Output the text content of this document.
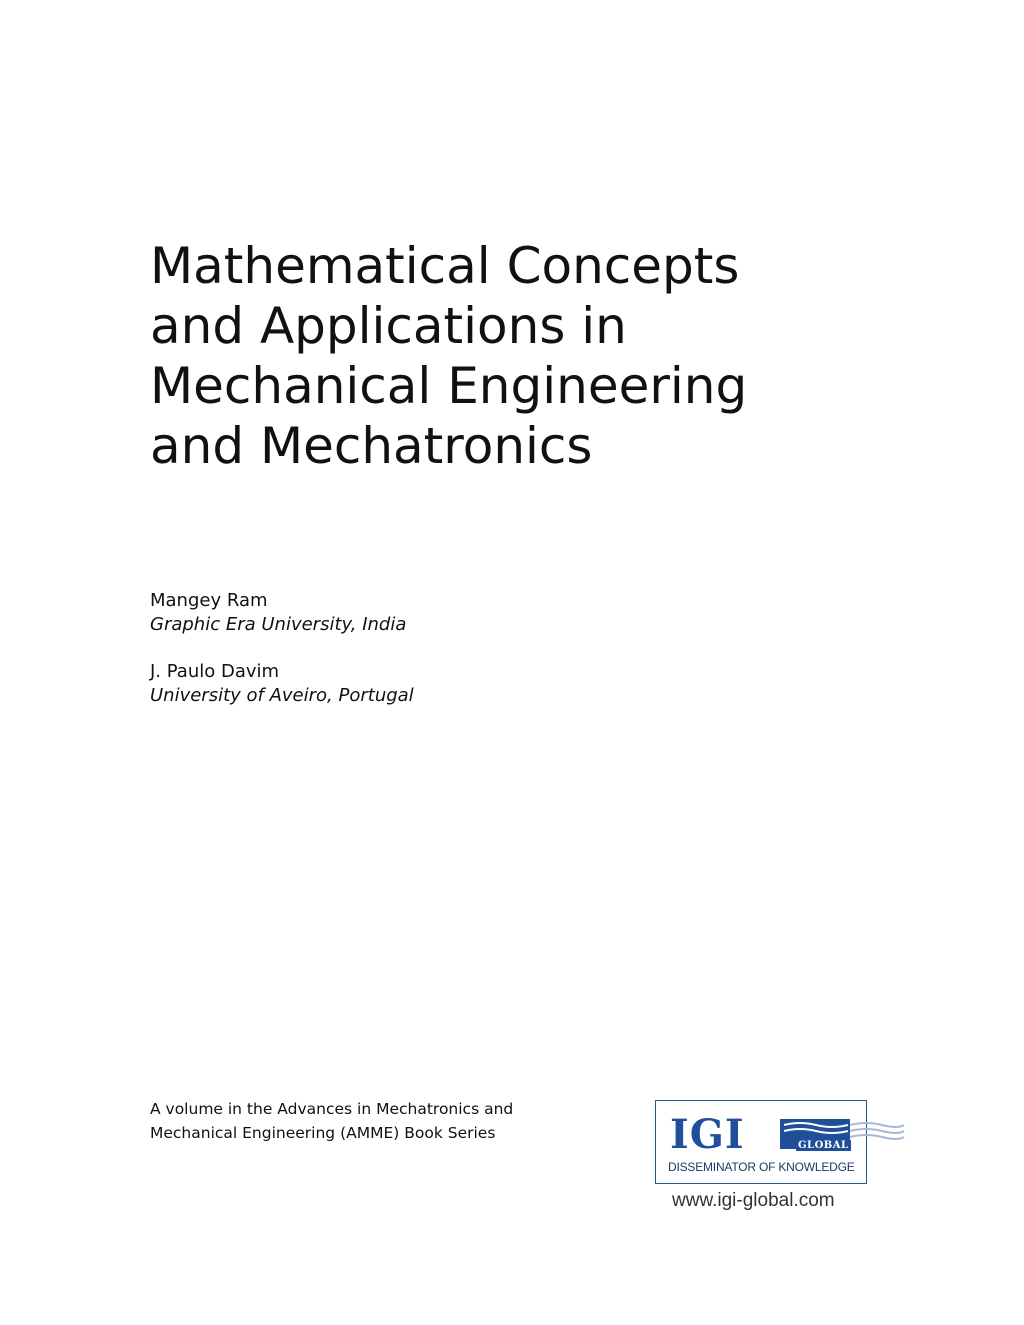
Mathematical Concepts
and Applications in
Mechanical Engineering
and Mechatronics
Mangey Ram
Graphic Era University, India
J. Paulo Davim
University of Aveiro, Portugal
A volume in the Advances in Mechatronics and
Mechanical Engineering (AMME) Book Series	IGI	GLOBAL
DISSEMINATOR OF KNOWLEDGE
www.igi-global.com
